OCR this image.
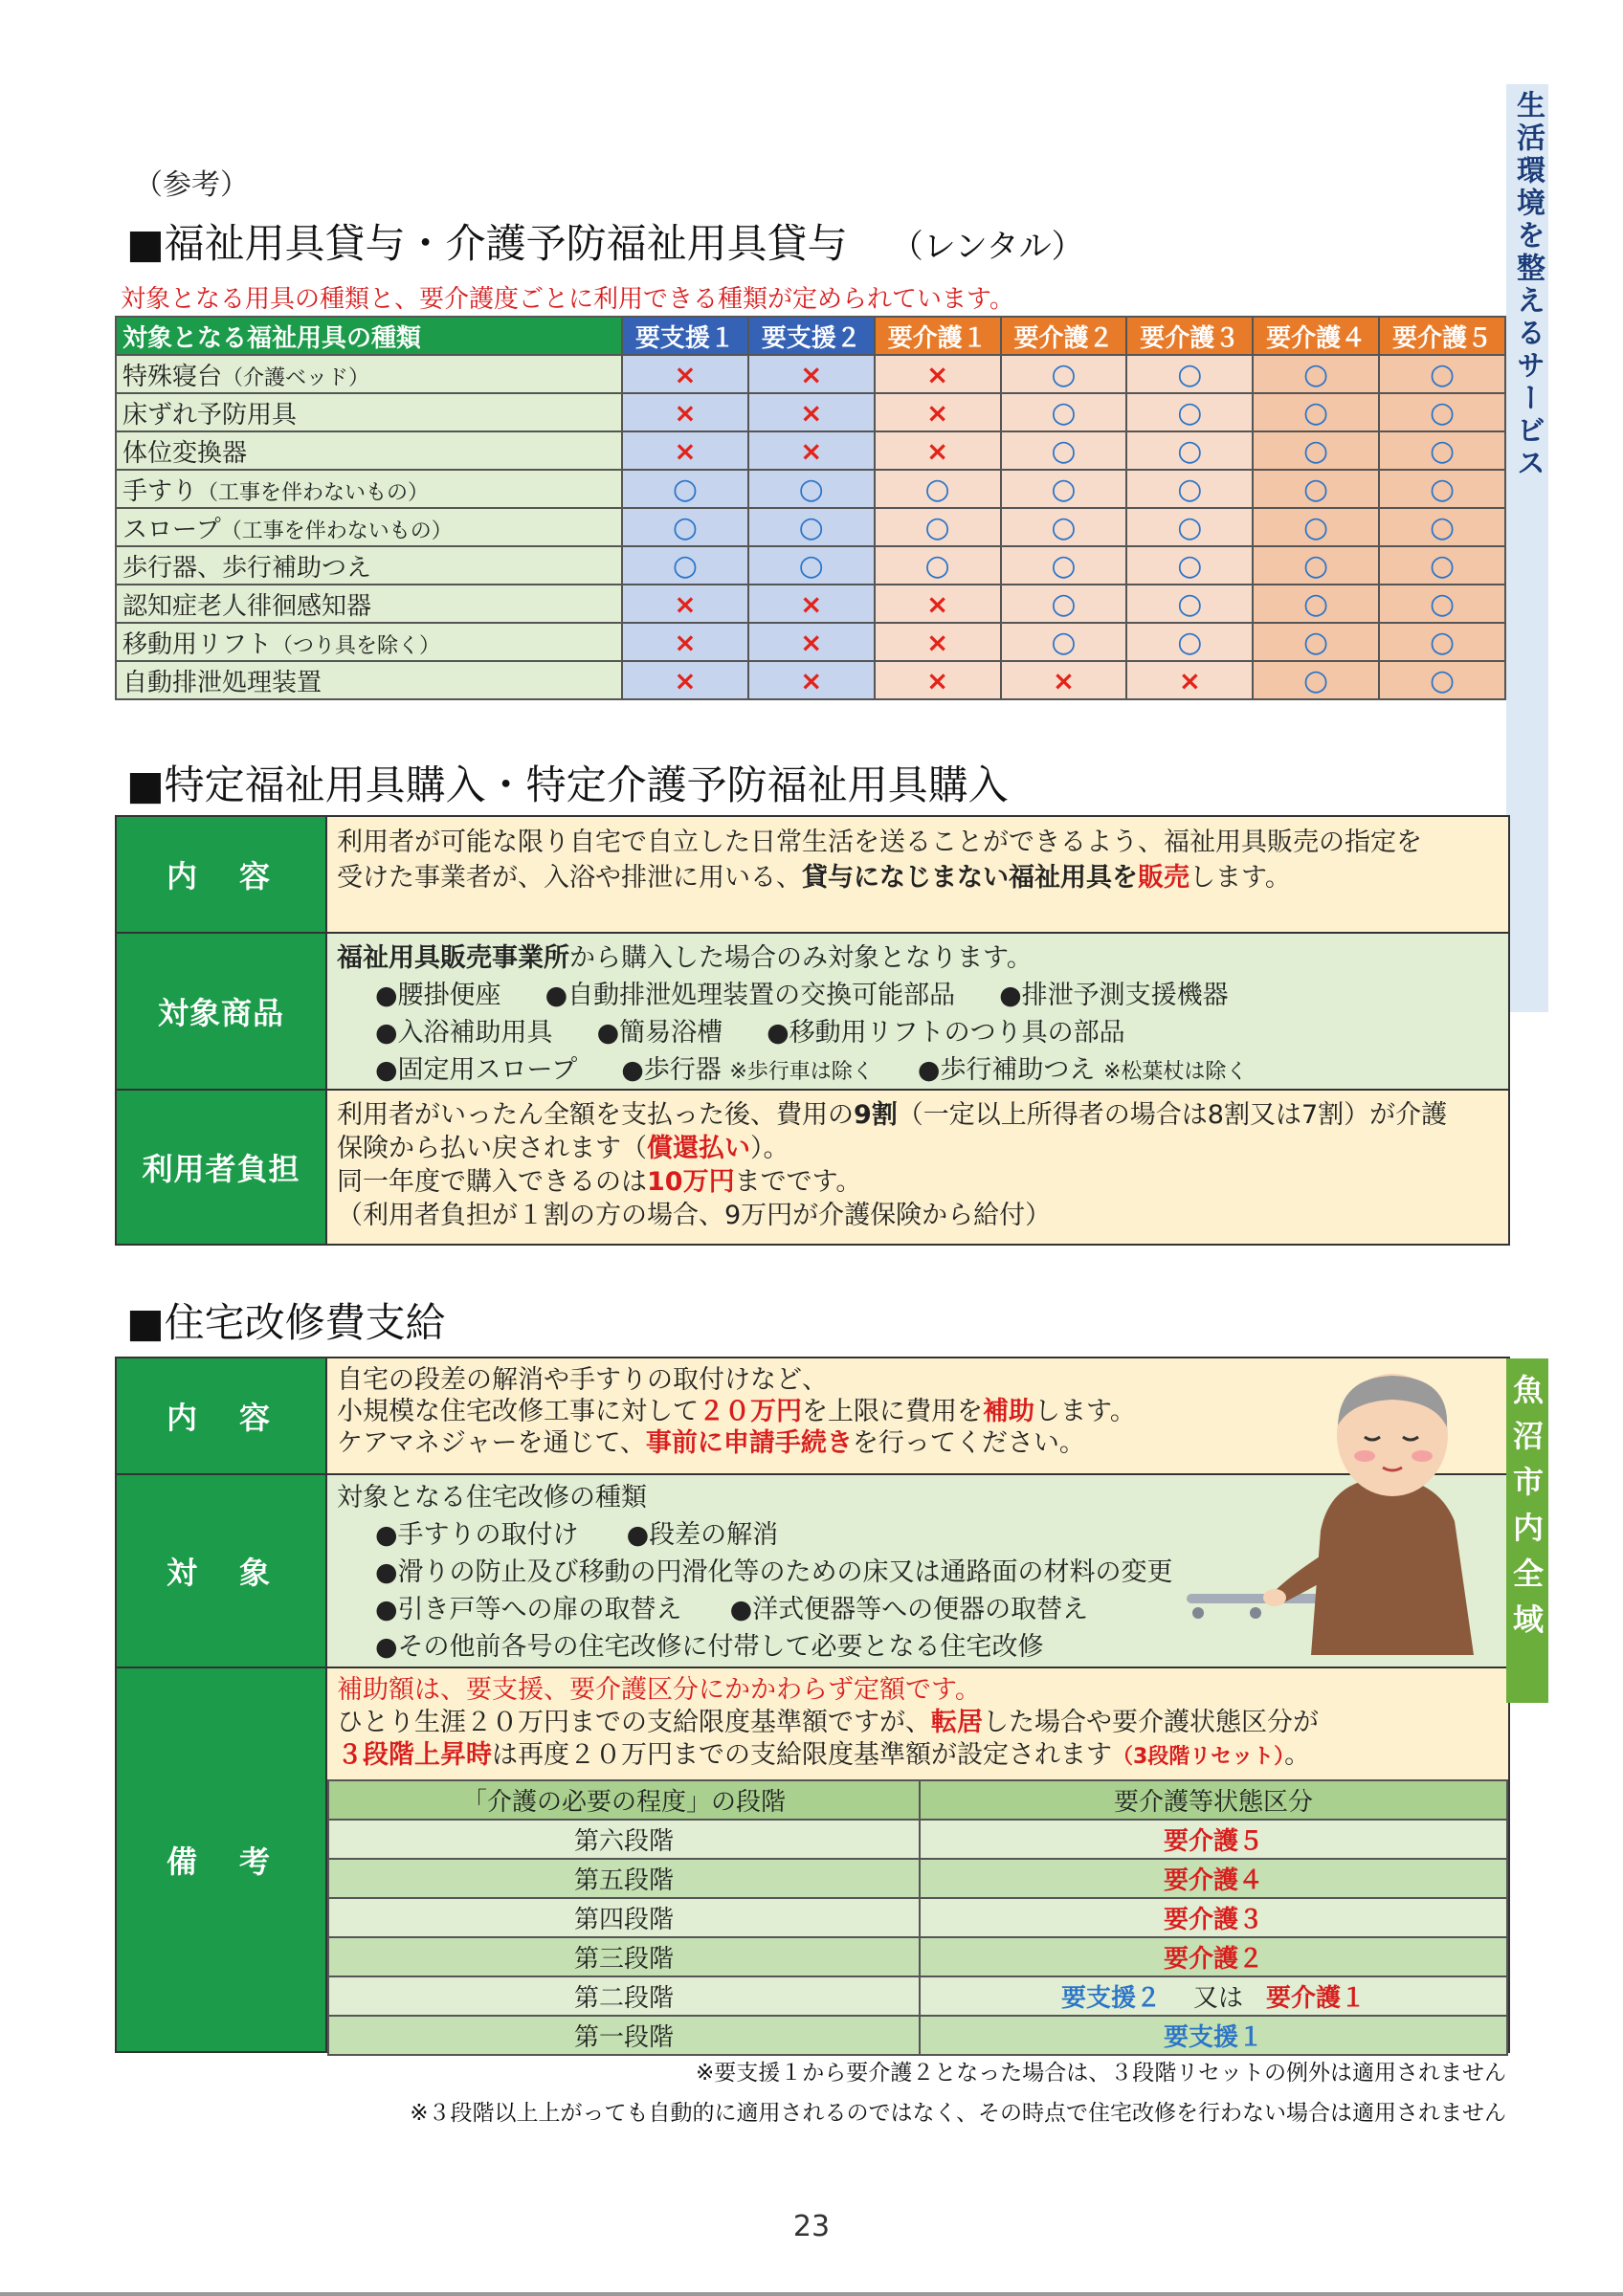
生活環境を整えるサービス
（参考）
■福祉用具貸与・介護予防福祉用具貸与 （レンタル）
対象となる用具の種類と、要介護度ごとに利用できる種類が定められています。
対象となる福祉用具の種類	要支援１	要支援２	要介護１	要介護２	要介護３	要介護４	要介護５
特殊寝台（介護ベッド）	×	×	×	○	○	○	○
床ずれ予防用具	×	×	×	○	○	○	○
体位変換器	×	×	×	○	○	○	○
手すり（工事を伴わないもの）	○	○	○	○	○	○	○
スロープ（工事を伴わないもの）	○	○	○	○	○	○	○
歩行器、歩行補助つえ	○	○	○	○	○	○	○
認知症老人徘徊感知器	×	×	×	○	○	○	○
移動用リフト（つり具を除く）	×	×	×	○	○	○	○
自動排泄処理装置	×	×	×	×	×	○	○
■特定福祉用具購入・特定介護予防福祉用具購入
内　容
利用者が可能な限り自宅で自立した日常生活を送ることができるよう、福祉用具販売の指定を
受けた事業者が、入浴や排泄に用いる、貸与になじまない福祉用具を販売します。
対象商品
福祉用具販売事業所から購入した場合のみ対象となります。
●腰掛便座 ●自動排泄処理装置の交換可能部品 ●排泄予測支援機器
●入浴補助用具 ●簡易浴槽 ●移動用リフトのつり具の部品
●固定用スロープ ●歩行器 ※歩行車は除く ●歩行補助つえ ※松葉杖は除く
利用者負担
利用者がいったん全額を支払った後、費用の9割（一定以上所得者の場合は8割又は7割）が介護
保険から払い戻されます（償還払い）。
同一年度で購入できるのは10万円までです。
（利用者負担が１割の方の場合、9万円が介護保険から給付）
■住宅改修費支給
内　容
自宅の段差の解消や手すりの取付けなど、
小規模な住宅改修工事に対して２０万円を上限に費用を補助します。
ケアマネジャーを通じて、事前に申請手続きを行ってください。
対　象
対象となる住宅改修の種類
●手すりの取付け ●段差の解消
●滑りの防止及び移動の円滑化等のための床又は通路面の材料の変更
●引き戸等への扉の取替え ●洋式便器等への便器の取替え
●その他前各号の住宅改修に付帯して必要となる住宅改修
備　考
補助額は、要支援、要介護区分にかかわらず定額です。
ひとり生涯２０万円までの支給限度基準額ですが、転居した場合や要介護状態区分が
３段階上昇時は再度２０万円までの支給限度基準額が設定されます（3段階リセット）。
「介護の必要の程度」の段階	要介護等状態区分
第六段階	要介護５
第五段階	要介護４
第四段階	要介護３
第三段階	要介護２
第二段階	要支援２ 又は 要介護１
第一段階	要支援１
魚沼市内全域
※要支援１から要介護２となった場合は、３段階リセットの例外は適用されません
※３段階以上上がっても自動的に適用されるのではなく、その時点で住宅改修を行わない場合は適用されません
23
